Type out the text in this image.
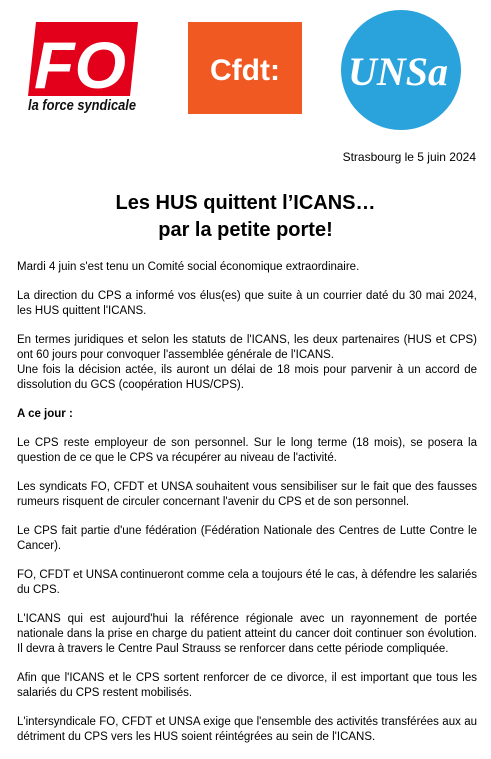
FO
la force syndicale
Cfdt: UNSa
Strasbourg le 5 juin 2024
Les HUS quittent l’ICANS…
par la petite porte!

Mardi 4 juin s'est tenu un Comité social économique extraordinaire.

La direction du CPS a informé vos élus(es) que suite à un courrier daté du 30 mai 2024, les HUS quittent l'ICANS.

En termes juridiques et selon les statuts de l'ICANS, les deux partenaires (HUS et CPS) ont 60 jours pour convoquer l'assemblée générale de l'ICANS.
Une fois la décision actée, ils auront un délai de 18 mois pour parvenir à un accord de dissolution du GCS (coopération HUS/CPS).

A ce jour :

Le CPS reste employeur de son personnel. Sur le long terme (18 mois), se posera la question de ce que le CPS va récupérer au niveau de l'activité.

Les syndicats FO, CFDT et UNSA souhaitent vous sensibiliser sur le fait que des fausses rumeurs risquent de circuler concernant l'avenir du CPS et de son personnel.

Le CPS fait partie d'une fédération (Fédération Nationale des Centres de Lutte Contre le Cancer).

FO, CFDT et UNSA continueront comme cela a toujours été le cas, à défendre les salariés du CPS.

L'ICANS qui est aujourd'hui la référence régionale avec un rayonnement de portée nationale dans la prise en charge du patient atteint du cancer doit continuer son évolution. Il devra à travers le Centre Paul Strauss se renforcer dans cette période compliquée.

Afin que l'ICANS et le CPS sortent renforcer de ce divorce, il est important que tous les salariés du CPS restent mobilisés.

L'intersyndicale FO, CFDT et UNSA exige que l'ensemble des activités transférées aux au détriment du CPS vers les HUS soient réintégrées au sein de l'ICANS.
